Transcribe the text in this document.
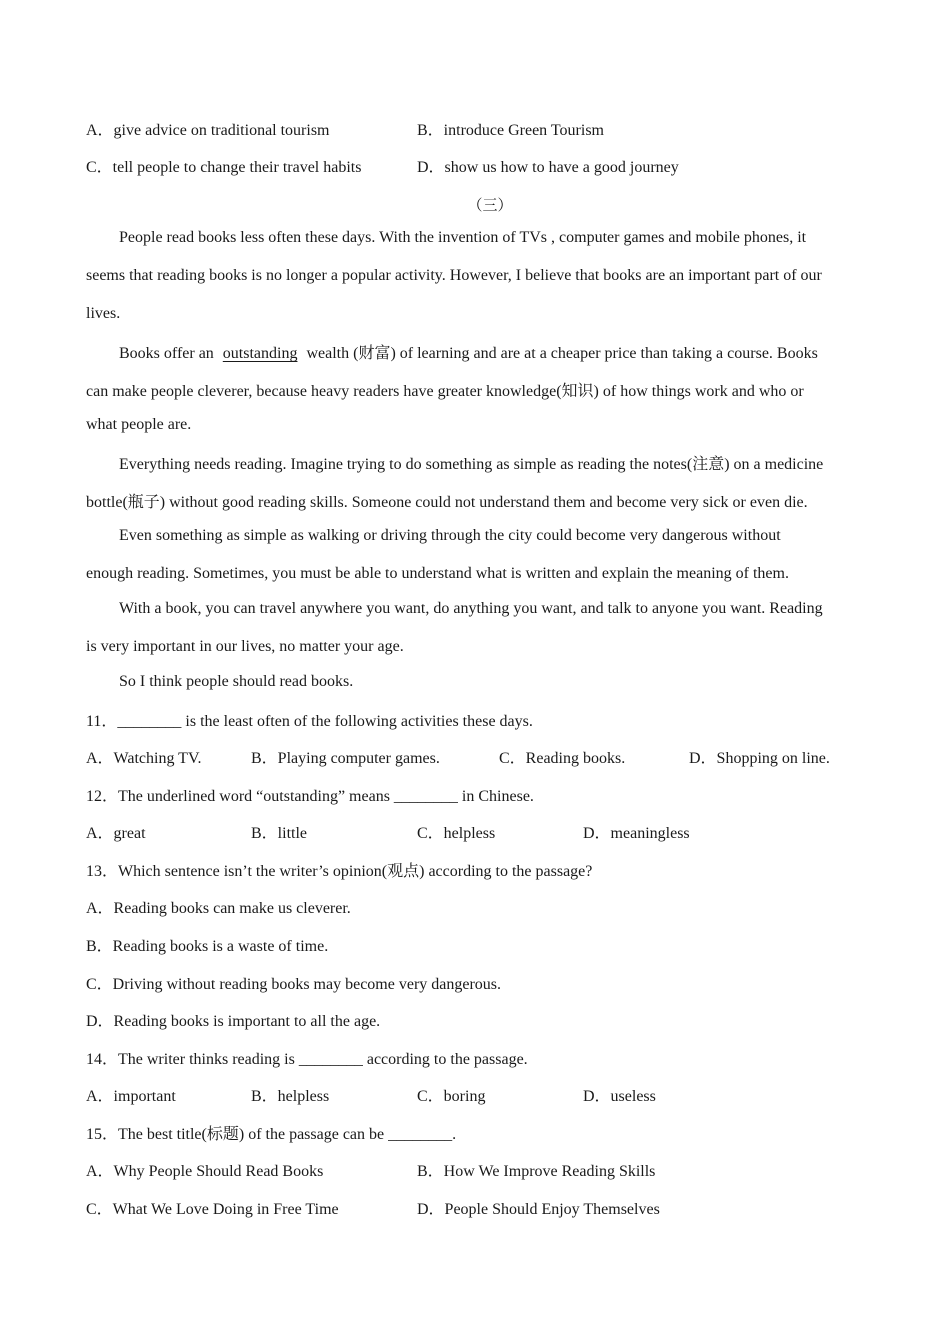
A．give advice on traditional tourism	B．introduce Green Tourism
C．tell people to change their travel habits	D．show us how to have a good journey
（三）
People read books less often these days. With the invention of TVs , computer games and mobile phones, it
seems that reading books is no longer a popular activity. However, I believe that books are an important part of our
lives.
Books offer an outstanding wealth (财富) of learning and are at a cheaper price than taking a course. Books
can make people cleverer, because heavy readers have greater knowledge(知识) of how things work and who or
what people are.
Everything needs reading. Imagine trying to do something as simple as reading the notes(注意) on a medicine
bottle(瓶子) without good reading skills. Someone could not understand them and become very sick or even die.
Even something as simple as walking or driving through the city could become very dangerous without
enough reading. Sometimes, you must be able to understand what is written and explain the meaning of them.
With a book, you can travel anywhere you want, do anything you want, and talk to anyone you want. Reading
is very important in our lives, no matter your age.
So I think people should read books.
11．________ is the least often of the following activities these days.
A．Watching TV.	B．Playing computer games.	C．Reading books.	D．Shopping on line.
12．The underlined word “outstanding” means ________ in Chinese.
A．great	B．little	C．helpless	D．meaningless
13．Which sentence isn’t the writer’s opinion(观点) according to the passage?
A．Reading books can make us cleverer.
B．Reading books is a waste of time.
C．Driving without reading books may become very dangerous.
D．Reading books is important to all the age.
14．The writer thinks reading is ________ according to the passage.
A．important	B．helpless	C．boring	D．useless
15．The best title(标题) of the passage can be ________.
A．Why People Should Read Books	B．How We Improve Reading Skills
C．What We Love Doing in Free Time	D．People Should Enjoy Themselves
